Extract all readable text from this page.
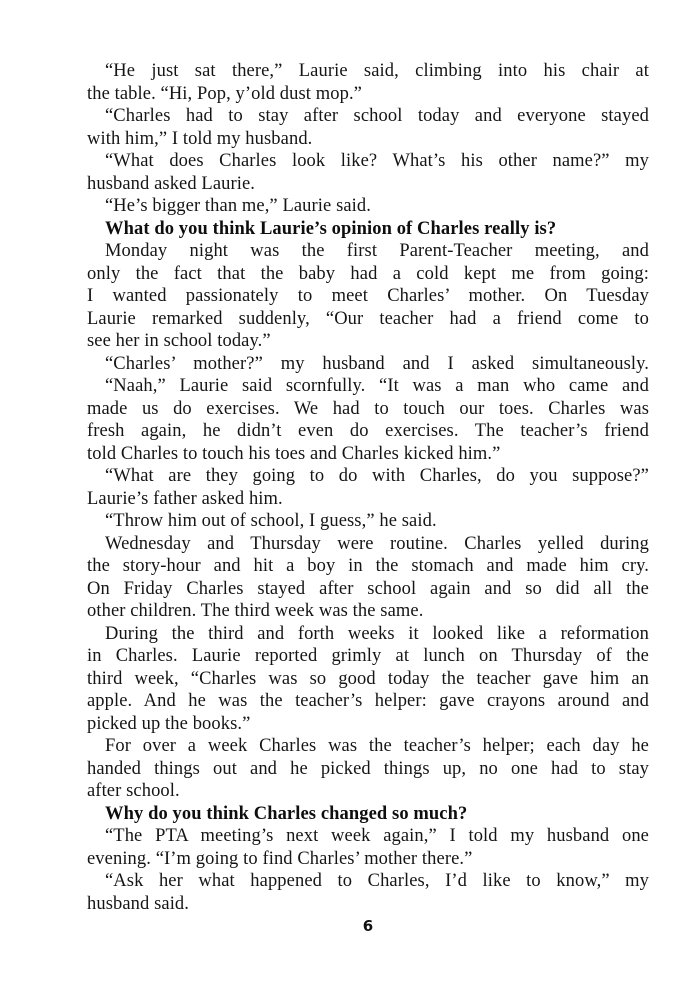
“He just sat there,” Laurie said, climbing into his chair at
the table. “Hi, Pop, y’old dust mop.”
“Charles had to stay after school today and everyone stayed
with him,” I told my husband.
“What does Charles look like? What’s his other name?” my
husband asked Laurie.
“He’s bigger than me,” Laurie said.
What do you think Laurie’s opinion of Charles really is?
Monday night was the first Parent-Teacher meeting, and
only the fact that the baby had a cold kept me from going:
I wanted passionately to meet Charles’ mother. On Tuesday
Laurie remarked suddenly, “Our teacher had a friend come to
see her in school today.”
“Charles’ mother?” my husband and I asked simultaneously.
“Naah,” Laurie said scornfully. “It was a man who came and
made us do exercises. We had to touch our toes. Charles was
fresh again, he didn’t even do exercises. The teacher’s friend
told Charles to touch his toes and Charles kicked him.”
“What are they going to do with Charles, do you suppose?”
Laurie’s father asked him.
“Throw him out of school, I guess,” he said.
Wednesday and Thursday were routine. Charles yelled during
the story-hour and hit a boy in the stomach and made him cry.
On Friday Charles stayed after school again and so did all the
other children. The third week was the same.
During the third and forth weeks it looked like a reformation
in Charles. Laurie reported grimly at lunch on Thursday of the
third week, “Charles was so good today the teacher gave him an
apple. And he was the teacher’s helper: gave crayons around and
picked up the books.”
For over a week Charles was the teacher’s helper; each day he
handed things out and he picked things up, no one had to stay
after school.
Why do you think Charles changed so much?
“The PTA meeting’s next week again,” I told my husband one
evening. “I’m going to find Charles’ mother there.”
“Ask her what happened to Charles, I’d like to know,” my
husband said.
6
